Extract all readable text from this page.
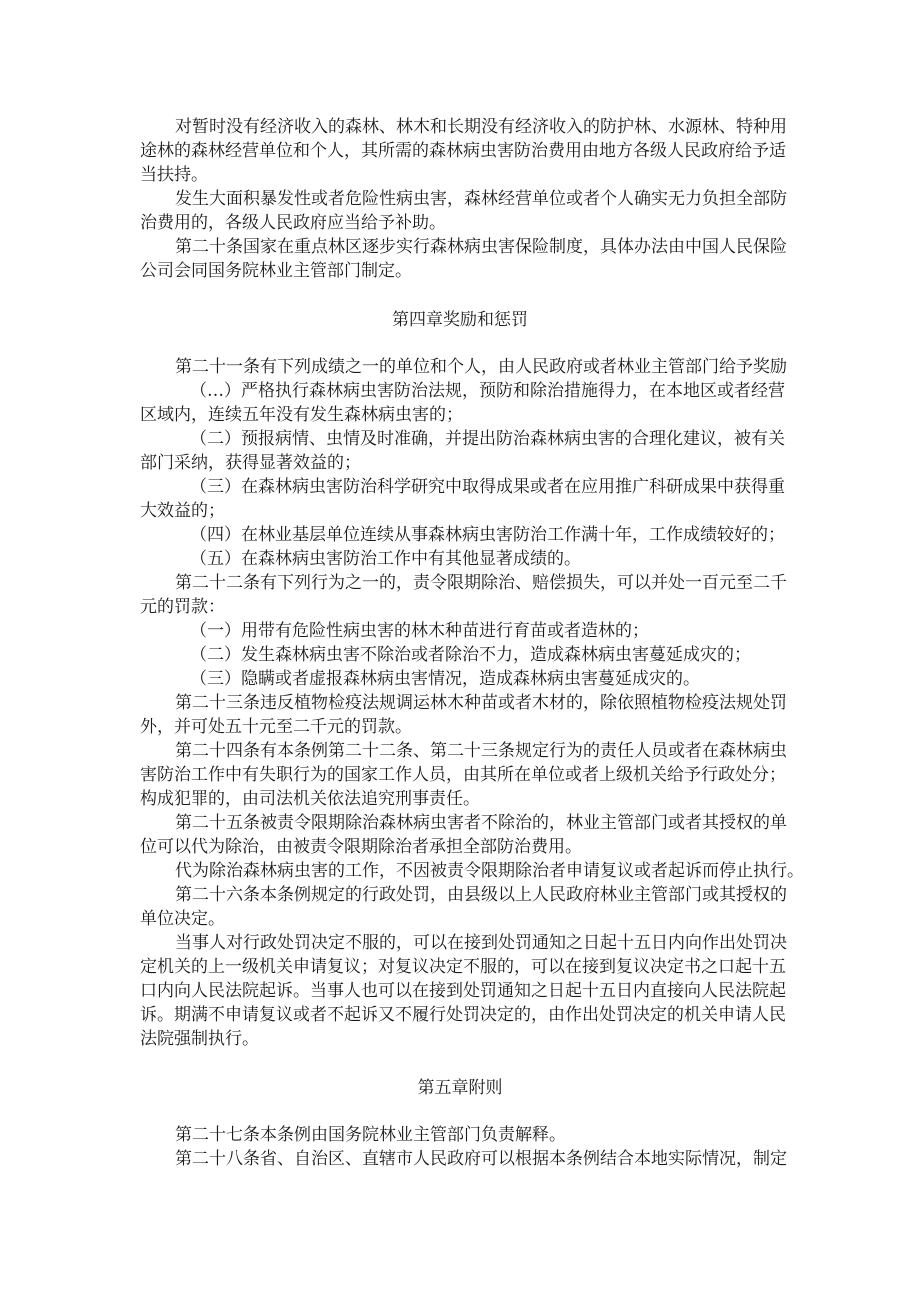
对暂时没有经济收入的森林、林木和长期没有经济收入的防护林、水源林、特种用

途林的森林经营单位和个人，其所需的森林病虫害防治费用由地方各级人民政府给予适

当扶持。

发生大面积暴发性或者危险性病虫害，森林经营单位或者个人确实无力负担全部防

治费用的，各级人民政府应当给予补助。

第二十条国家在重点林区逐步实行森林病虫害保险制度，具体办法由中国人民保险

公司会同国务院林业主管部门制定。

第四章奖励和惩罚

第二十一条有下列成绩之一的单位和个人，由人民政府或者林业主管部门给予奖励

（…）严格执行森林病虫害防治法规，预防和除治措施得力，在本地区或者经营

区域内，连续五年没有发生森林病虫害的；

（二）预报病情、虫情及时准确，并提出防治森林病虫害的合理化建议，被有关

部门采纳，获得显著效益的；

（三）在森林病虫害防治科学研究中取得成果或者在应用推广科研成果中获得重

大效益的；

（四）在林业基层单位连续从事森林病虫害防治工作满十年，工作成绩较好的；

（五）在森林病虫害防治工作中有其他显著成绩的。

第二十二条有下列行为之一的，责令限期除治、赔偿损失，可以并处一百元至二千

元的罚款：

（一）用带有危险性病虫害的林木种苗进行育苗或者造林的；

（二）发生森林病虫害不除治或者除治不力，造成森林病虫害蔓延成灾的；

（三）隐瞒或者虚报森林病虫害情况，造成森林病虫害蔓延成灾的。

第二十三条违反植物检疫法规调运林木种苗或者木材的，除依照植物检疫法规处罚

外，并可处五十元至二千元的罚款。

第二十四条有本条例第二十二条、第二十三条规定行为的责任人员或者在森林病虫

害防治工作中有失职行为的国家工作人员，由其所在单位或者上级机关给予行政处分；

构成犯罪的，由司法机关依法追究刑事责任。

第二十五条被责令限期除治森林病虫害者不除治的，林业主管部门或者其授权的单

位可以代为除治，由被责令限期除治者承担全部防治费用。

代为除治森林病虫害的工作，不因被责令限期除治者申请复议或者起诉而停止执行。

第二十六条本条例规定的行政处罚，由县级以上人民政府林业主管部门或其授权的

单位决定。

当事人对行政处罚决定不服的，可以在接到处罚通知之日起十五日内向作出处罚决

定机关的上一级机关申请复议；对复议决定不服的，可以在接到复议决定书之口起十五

口内向人民法院起诉。当事人也可以在接到处罚通知之日起十五日内直接向人民法院起

诉。期满不申请复议或者不起诉又不履行处罚决定的，由作出处罚决定的机关申请人民

法院强制执行。

第五章附则

第二十七条本条例由国务院林业主管部门负责解释。

第二十八条省、自治区、直辖市人民政府可以根据本条例结合本地实际情况，制定
